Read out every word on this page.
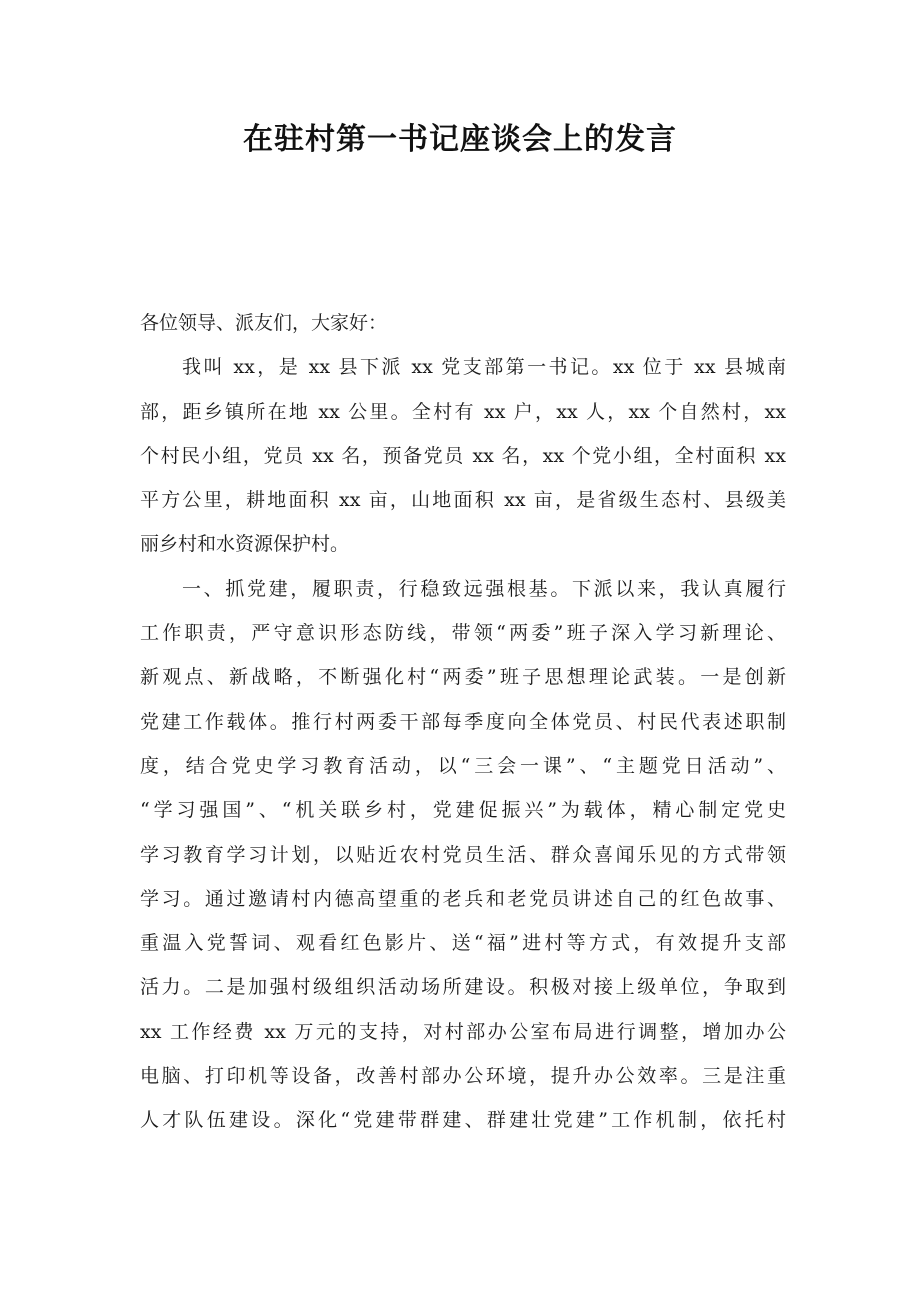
在驻村第一书记座谈会上的发言
各位领导、派友们，大家好：
我叫 xx，是 xx 县下派 xx 党支部第一书记。xx 位于 xx 县城南
部，距乡镇所在地 xx 公里。全村有 xx 户，xx 人，xx 个自然村，xx
个村民小组，党员 xx 名，预备党员 xx 名，xx 个党小组，全村面积 xx
平方公里，耕地面积 xx 亩，山地面积 xx 亩，是省级生态村、县级美
丽乡村和水资源保护村。
一、抓党建，履职责，行稳致远强根基。下派以来，我认真履行
工作职责，严守意识形态防线，带领“两委”班子深入学习新理论、
新观点、新战略，不断强化村“两委”班子思想理论武装。一是创新
党建工作载体。推行村两委干部每季度向全体党员、村民代表述职制
度，结合党史学习教育活动，以“三会一课”、“主题党日活动”、
“学习强国”、“机关联乡村，党建促振兴”为载体，精心制定党史
学习教育学习计划，以贴近农村党员生活、群众喜闻乐见的方式带领
学习。通过邀请村内德高望重的老兵和老党员讲述自己的红色故事、
重温入党誓词、观看红色影片、送“福”进村等方式，有效提升支部
活力。二是加强村级组织活动场所建设。积极对接上级单位，争取到
xx 工作经费 xx 万元的支持，对村部办公室布局进行调整，增加办公
电脑、打印机等设备，改善村部办公环境，提升办公效率。三是注重
人才队伍建设。深化“党建带群建、群建壮党建”工作机制，依托村
